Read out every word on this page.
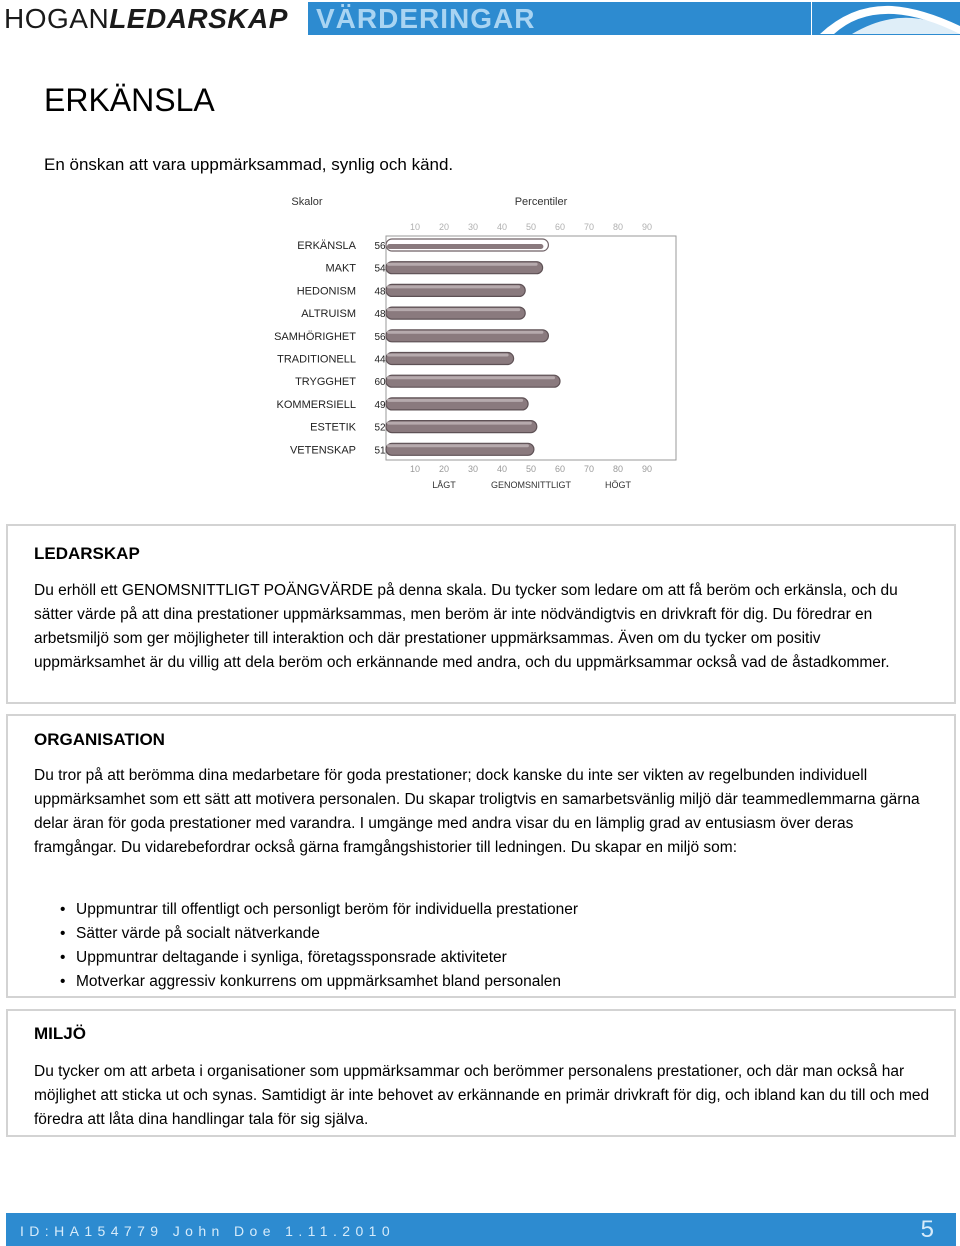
HOGANLEDARSKAP VÄRDERINGAR
ERKÄNSLA
En önskan att vara uppmärksammad, synlig och känd.
Skalor	Percentiler
10
10
20
20
30
30
40
40
50
50
60
60
70
70
80
80
90
90
LÅGT	GENOMSNITTLIGT	HÖGT
ERKÄNSLA 56
MAKT 54
HEDONISM 48
ALTRUISM 48
SAMHÖRIGHET 56
TRADITIONELL 44
TRYGGHET 60
KOMMERSIELL 49
ESTETIK 52
VETENSKAP 51
LEDARSKAP

Du erhöll ett GENOMSNITTLIGT POÄNGVÄRDE på denna skala. Du tycker som ledare om att få beröm och erkänsla, och du sätter värde på att dina prestationer uppmärksammas, men beröm är inte nödvändigtvis en drivkraft för dig. Du föredrar en arbetsmiljö som ger möjligheter till interaktion och där prestationer uppmärksammas. Även om du tycker om positiv uppmärksamhet är du villig att dela beröm och erkännande med andra, och du uppmärksammar också vad de åstadkommer.

ORGANISATION

Du tror på att berömma dina medarbetare för goda prestationer; dock kanske du inte ser vikten av regelbunden individuell uppmärksamhet som ett sätt att motivera personalen. Du skapar troligtvis en samarbetsvänlig miljö där teammedlemmarna gärna delar äran för goda prestationer med varandra. I umgänge med andra visar du en lämplig grad av entusiasm över deras framgångar. Du vidarebefordrar också gärna framgångshistorier till ledningen. Du skapar en miljö som:

• Uppmuntrar till offentligt och personligt beröm för individuella prestationer
• Sätter värde på socialt nätverkande
• Uppmuntrar deltagande i synliga, företagssponsrade aktiviteter
• Motverkar aggressiv konkurrens om uppmärksamhet bland personalen
MILJÖ

Du tycker om att arbeta i organisationer som uppmärksammar och berömmer personalens prestationer, och där man också har möjlighet att sticka ut och synas. Samtidigt är inte behovet av erkännande en primär drivkraft för dig, och ibland kan du till och med föredra att låta dina handlingar tala för sig själva.

ID:HA154779 John Doe 1.11.2010	5
